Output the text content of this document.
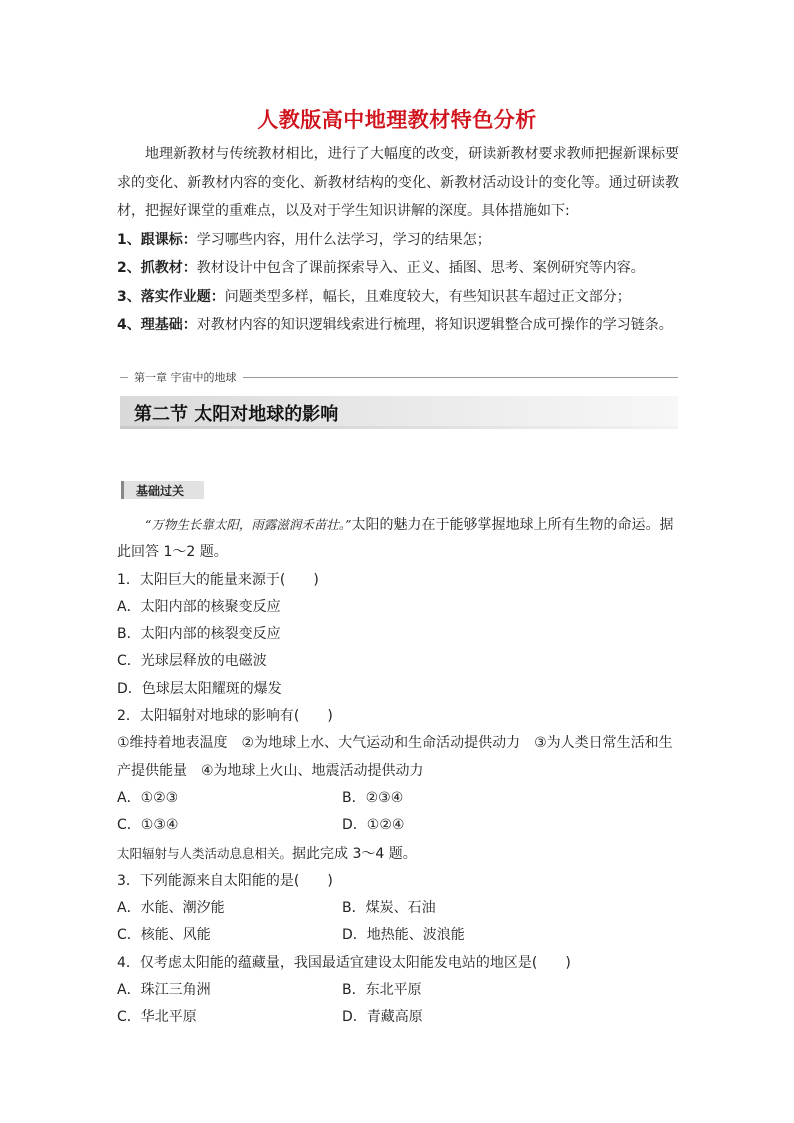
人教版高中地理教材特色分析

地理新教材与传统教材相比，进行了大幅度的改变，研读新教材要求教师把握新课标要求的变化、新教材内容的变化、新教材结构的变化、新教材活动设计的变化等。通过研读教材，把握好课堂的重难点，以及对于学生知识讲解的深度。具体措施如下:

1、跟课标：学习哪些内容，用什么法学习，学习的结果怎；

2、抓教材：教材设计中包含了课前探索导入、正义、插图、思考、案例研究等内容。

3、落实作业题：问题类型多样，幅长，且难度较大，有些知识甚车超过正文部分；

4、理基础：对教材内容的知识逻辑线索进行梳理，将知识逻辑整合成可操作的学习链条。

第一章 宇宙中的地球
第二节 太阳对地球的影响
基础过关

“万物生长靠太阳，雨露滋润禾苗壮。”太阳的魅力在于能够掌握地球上所有生物的命运。据此回答 1～2 题。

1．太阳巨大的能量来源于(　　)

A．太阳内部的核聚变反应

B．太阳内部的核裂变反应

C．光球层释放的电磁波

D．色球层太阳耀斑的爆发

2．太阳辐射对地球的影响有(　　)

①维持着地表温度　②为地球上水、大气运动和生命活动提供动力　③为人类日常生活和生产提供能量　④为地球上火山、地震活动提供动力

A．①②③	B．②③④
C．①③④	D．①②④

太阳辐射与人类活动息息相关。据此完成 3～4 题。

3．下列能源来自太阳能的是(　　)

A．水能、潮汐能	B．煤炭、石油
C．核能、风能	D．地热能、波浪能

4．仅考虑太阳能的蕴藏量，我国最适宜建设太阳能发电站的地区是(　　)

A．珠江三角洲	B．东北平原
C．华北平原	D．青藏高原
